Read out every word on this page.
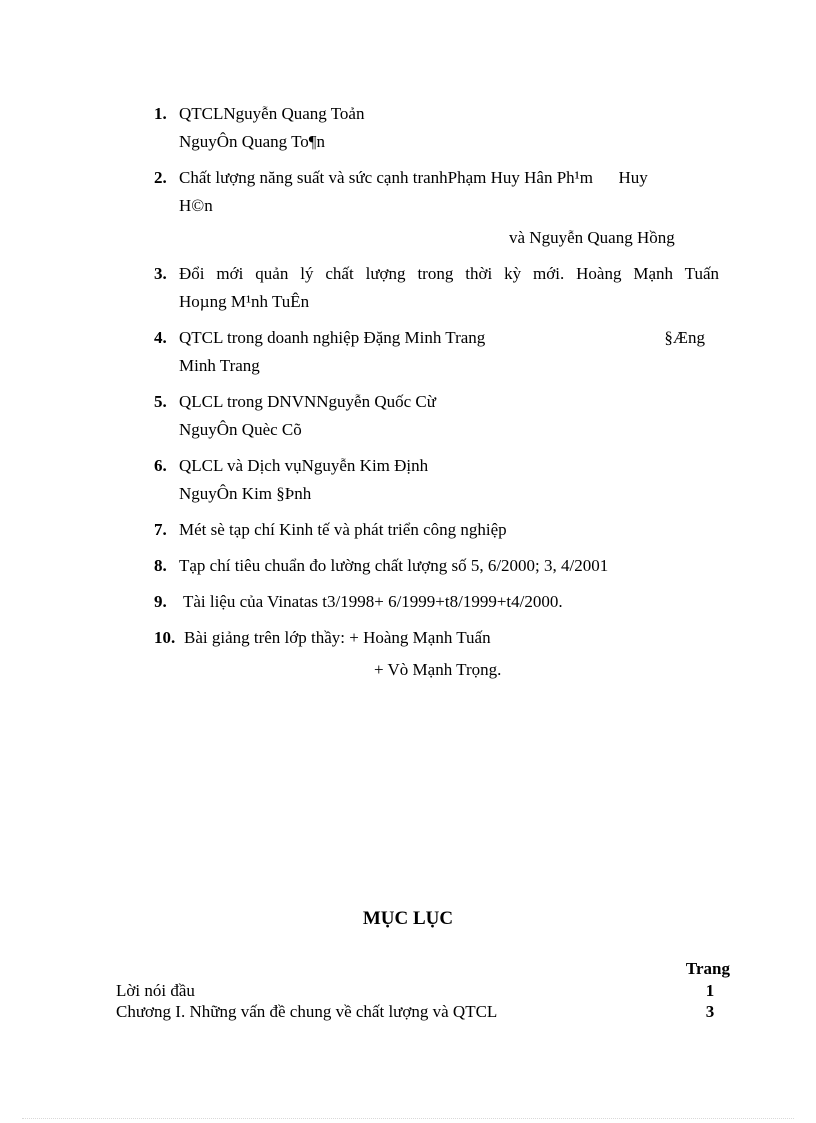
1. QTCLNguyễn Quang Toản
NguyÔn Quang To¶n
2. Chất lượng năng suất và sức cạnh tranhPhạm Huy Hân Ph¹m      Huy
H©n
và Nguyễn Quang Hồng
3. Đổi mới quản lý chất lượng trong thời kỳ mới. Hoàng Mạnh Tuấn
Hoµng M¹nh TuÊn
4. QTCL trong doanh nghiệp Đặng Minh Trang	§Æng
Minh Trang
5. QLCL trong DNVNNguyễn Quốc Cừ
NguyÔn Quèc Cõ
6. QLCL và Dịch vụNguyễn Kim Định
NguyÔn Kim §Þnh
7. Mét sè tạp chí Kinh tế và phát triển công nghiệp
8. Tạp chí tiêu chuẩn đo lường chất lượng số 5, 6/2000; 3, 4/2001
9. Tài liệu của Vinatas t3/1998+ 6/1999+t8/1999+t4/2000.
10. Bài giảng trên lớp thầy: + Hoàng Mạnh Tuấn
+ Vò Mạnh Trọng.
MỤC LỤC
Trang
Lời nói đầu	1
Chương I. Những vấn đề chung về chất lượng và QTCL	3
